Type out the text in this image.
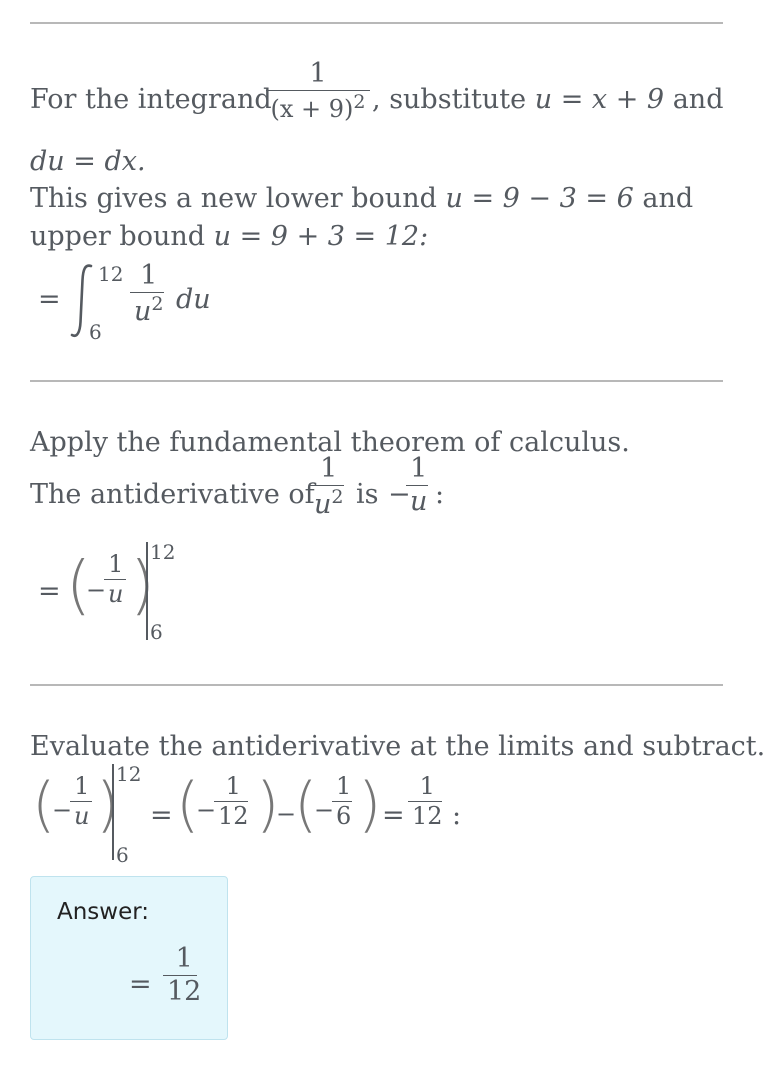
For the integrand
$\frac{1}{(x + 9)^2}$ , substitute u = x + 9 and
du = dx.
This gives a new lower bound u = 9 − 3 = 6 and
upper bound u = 9 + 3 = 12:
=
12
6
$\frac{1}{u^2}$ du
Apply the fundamental theorem of calculus.
The antiderivative of
$\frac{1}{u^2}$ is −
$\frac{1}{u}$ :
= (
−
$\frac{1}{u}$ )
12
6
Evaluate the antiderivative at the limits and subtract.
(
−
$\frac{1}{u}$ )
12
6
= (
−
$\frac{1}{12}$ )
−
(
−
$\frac{1}{6}$ ) = $\frac{1}{12}$ :
Answer:
= $\frac{1}{12}$
